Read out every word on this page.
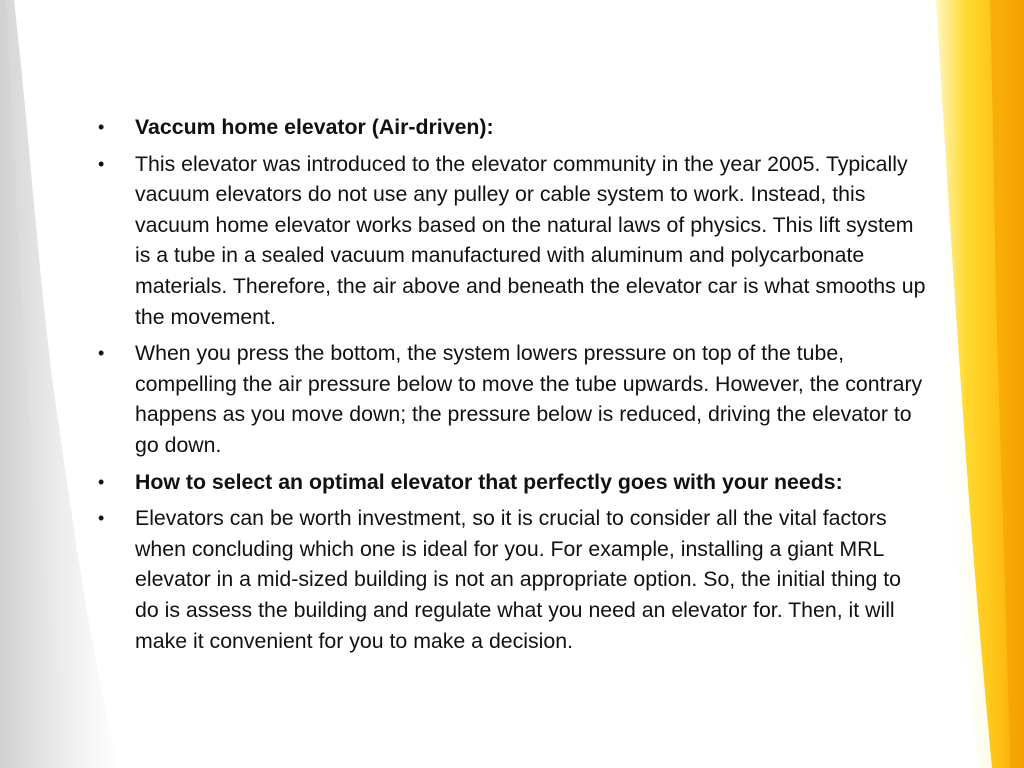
•	Vaccum home elevator (Air-driven):
•	This elevator was introduced to the elevator community in the year 2005. Typically vacuum elevators do not use any pulley or cable system to work. Instead, this vacuum home elevator works based on the natural laws of physics. This lift system is a tube in a sealed vacuum manufactured with aluminum and polycarbonate materials. Therefore, the air above and beneath the elevator car is what smooths up the movement.
•	When you press the bottom, the system lowers pressure on top of the tube, compelling the air pressure below to move the tube upwards. However, the contrary happens as you move down; the pressure below is reduced, driving the elevator to go down.
•	How to select an optimal elevator that perfectly goes with your needs:
•	Elevators can be worth investment, so it is crucial to consider all the vital factors when concluding which one is ideal for you. For example, installing a giant MRL elevator in a mid-sized building is not an appropriate option. So, the initial thing to do is assess the building and regulate what you need an elevator for. Then, it will make it convenient for you to make a decision.
